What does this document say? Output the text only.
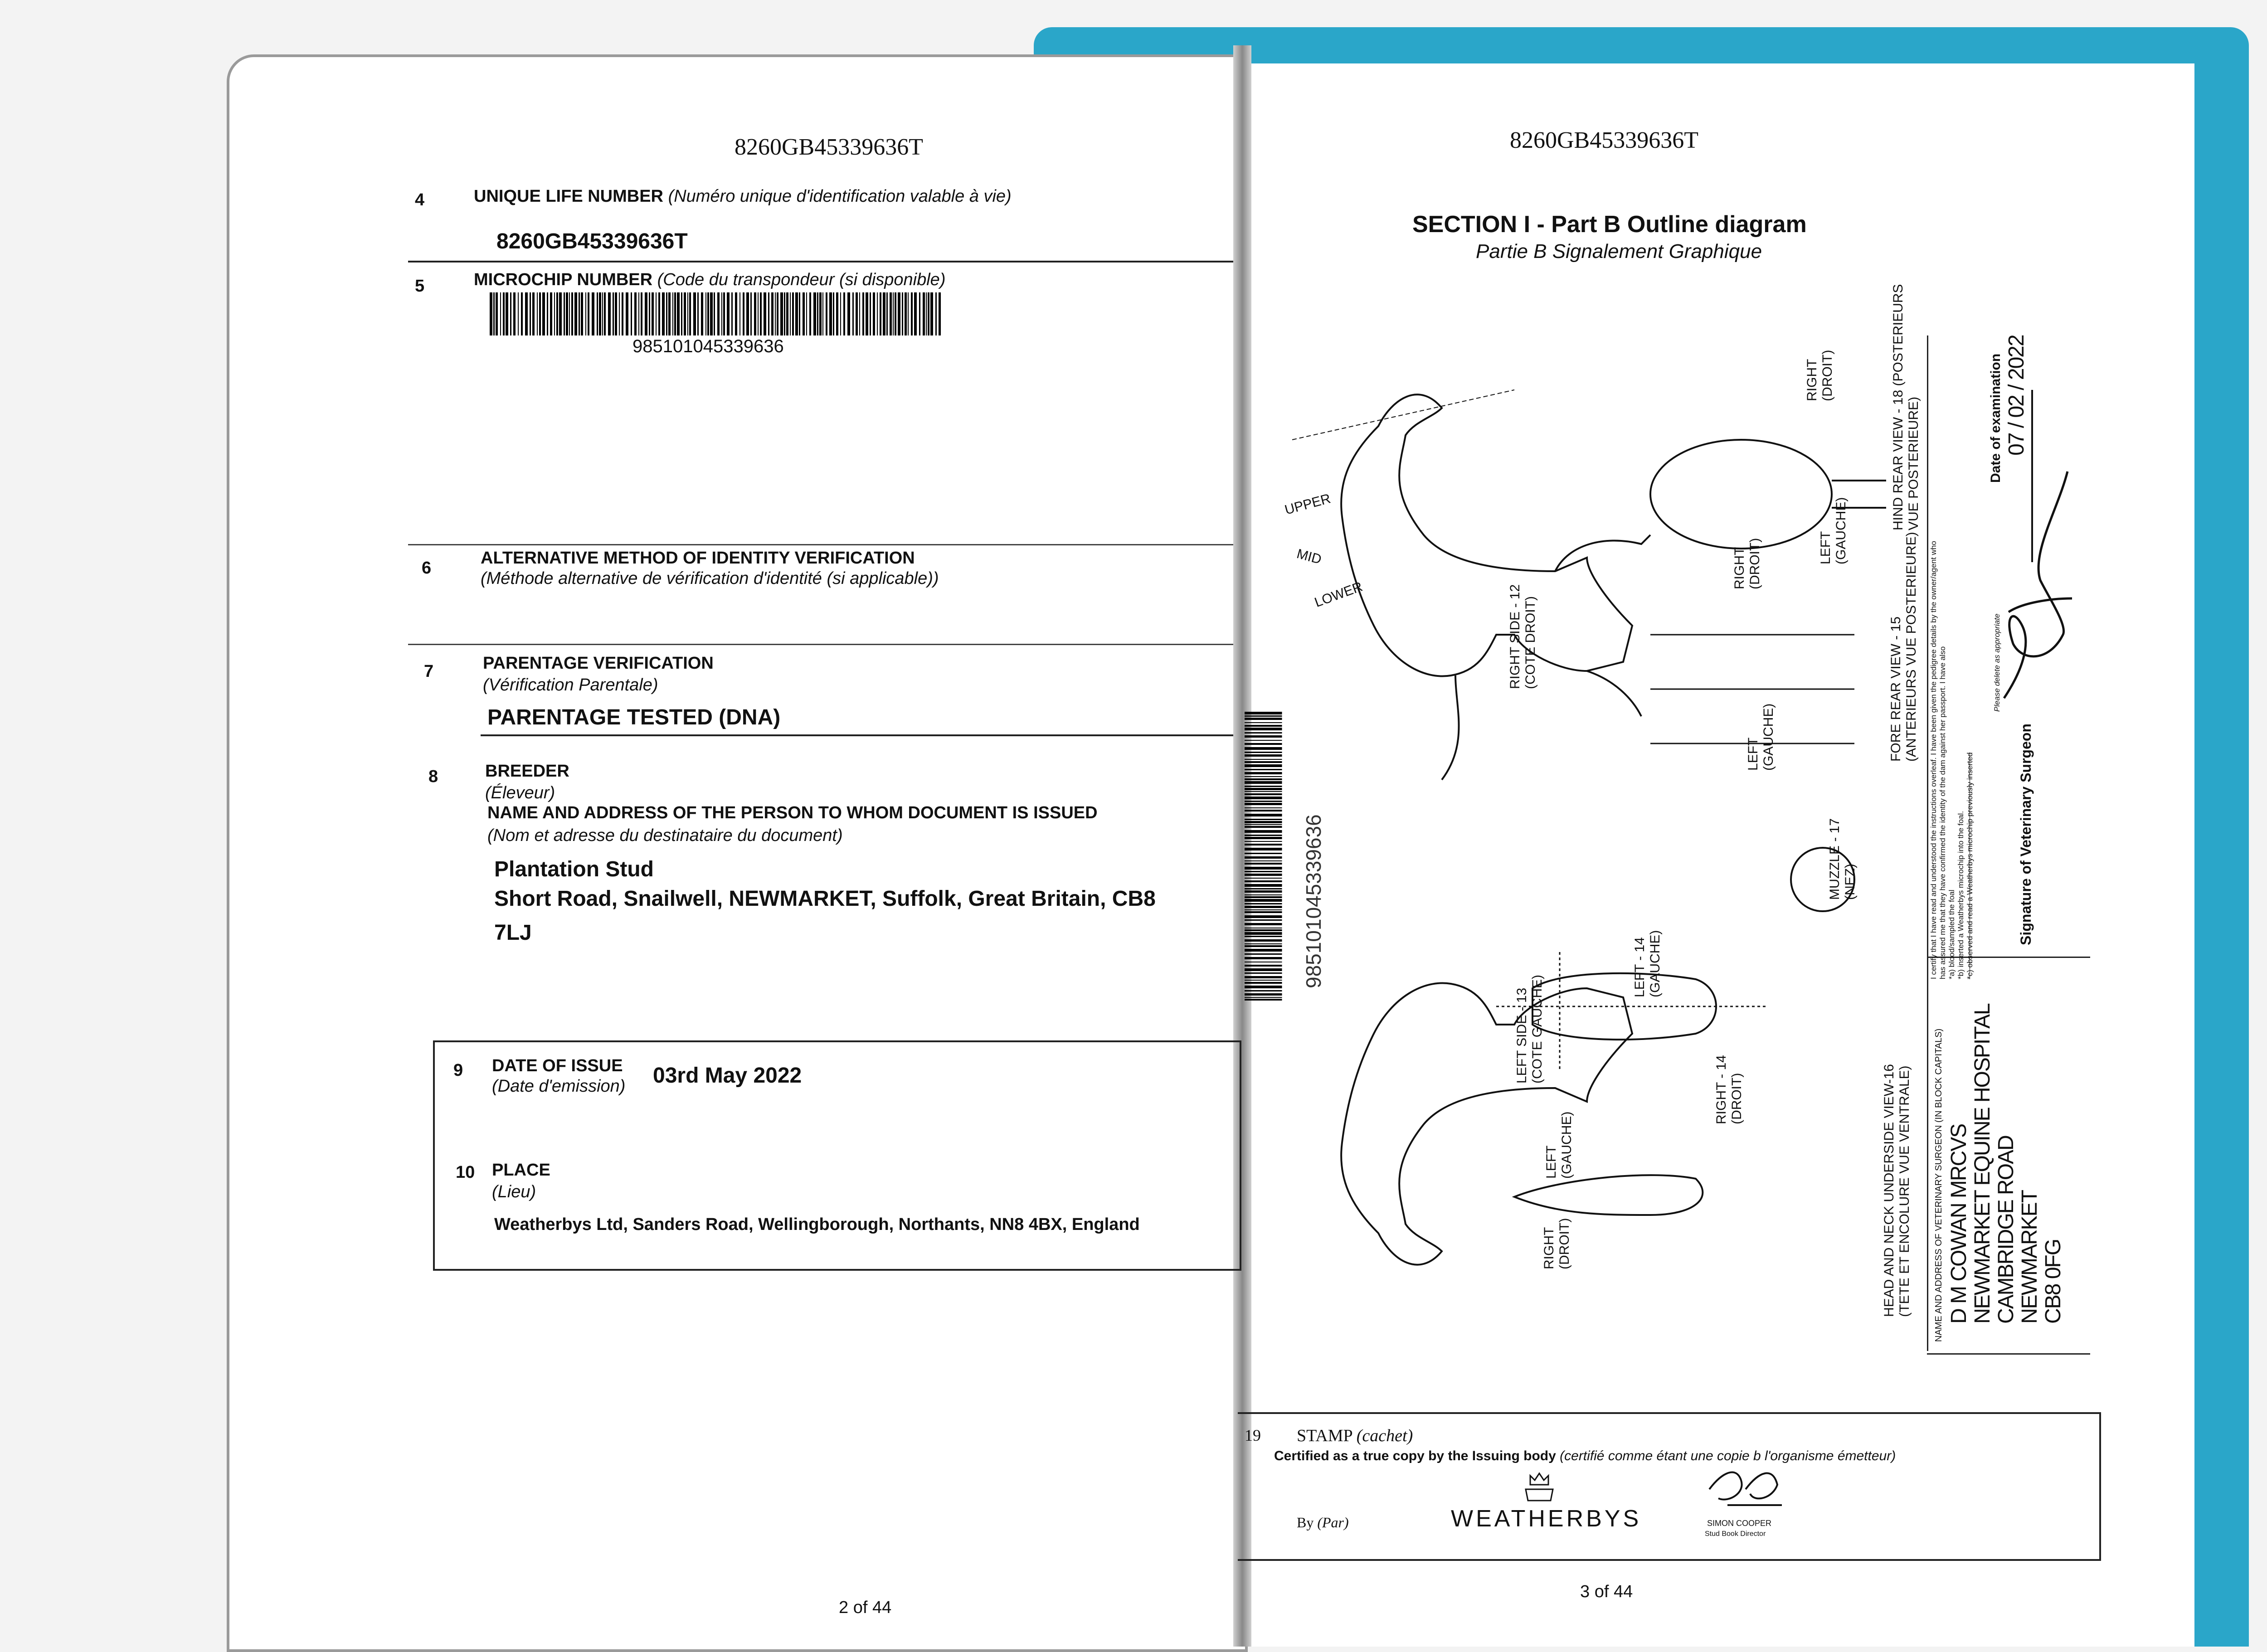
8260GB45339636T
4	UNIQUE LIFE NUMBER (Numéro unique d'identification valable à vie)
8260GB45339636T
5	MICROCHIP NUMBER (Code du transpondeur (si disponible)
985101045339636
6
ALTERNATIVE METHOD OF IDENTITY VERIFICATION
(Méthode alternative de vérification d'identité (si applicable))
7	PARENTAGE VERIFICATION
(Vérification Parentale)
PARENTAGE TESTED (DNA)
8	BREEDER
(Éleveur)
NAME AND ADDRESS OF THE PERSON TO WHOM DOCUMENT IS ISSUED
(Nom et adresse du destinataire du document)
Plantation Stud
Short Road, Snailwell, NEWMARKET, Suffolk, Great Britain, CB8
7LJ
9 DATE OF ISSUE
(Date d'emission) 03rd May 2022
10 PLACE
(Lieu)
Weatherbys Ltd, Sanders Road, Wellingborough, Northants, NN8 4BX, England
2 of 44
8260GB45339636T
SECTION I - Part B Outline diagram
Partie B Signalement Graphique
RIGHT SIDE - 12 (COTE DROIT)
LEFT SIDE - 13 (COTE GAUCHE)
LEFT - 14 (GAUCHE)
RIGHT - 14 (DROIT)
RIGHT (DROIT)
LEFT (GAUCHE)
RIGHT (DROIT)
LEFT (GAUCHE)
LEFT (GAUCHE)
RIGHT (DROIT)
HIND REAR VIEW - 18 (POSTERIEURS VUE POSTERIEURE)
FORE REAR VIEW - 15 (ANTERIEURS VUE POSTERIEURE)
MUZZLE - 17 (NEZ)
HEAD AND NECK UNDERSIDE VIEW-16 (TETE ET ENCOLURE VUE VENTRALE)
UPPER
MID
LOWER
985101045339636	I certify that I have read and understood the instructions overleaf. I have been given the pedigree details by the owner/agent who has assured me that they have confirmed the identity of the dam against her passport. I have also *a) blood/sampled the foal *b) inserted a Weatherbys microchip into the foal. *c) observed and read a Weatherbys microchip previously inserted
Please delete as appropriate
Signature of Veterinary Surgeon
Date of examination 07 / 02 / 2022
NAME AND ADDRESS OF VETERINARY SURGEON (IN BLOCK CAPITALS) D M COWAN MRCVS NEWMARKET EQUINE HOSPITAL CAMBRIDGE ROAD NEWMARKET CB8 0FG
19 STAMP (cachet)
Certified as a true copy by the Issuing body (certifié comme étant une copie b l'organisme émetteur)
By (Par)	WEATHERBYS	SIMON COOPER
Stud Book Director
3 of 44
